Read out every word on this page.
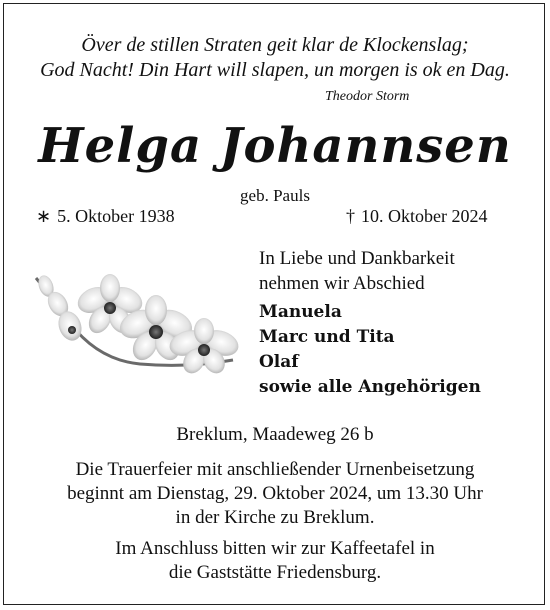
Över de stillen Straten geit klar de Klockenslag;
God Nacht! Din Hart will slapen, un morgen is ok en Dag.
Theodor Storm
Helga Johannsen
geb. Pauls
∗ 5. Oktober 1938	† 10. Oktober 2024
In Liebe und Dankbarkeit
nehmen wir Abschied
Manuela
Marc und Tita
Olaf
sowie alle Angehörigen
Breklum, Maadeweg 26 b
Die Trauerfeier mit anschließender Urnenbeisetzung
beginnt am Dienstag, 29. Oktober 2024, um 13.30 Uhr
in der Kirche zu Breklum.
Im Anschluss bitten wir zur Kaffeetafel in
die Gaststätte Friedensburg.
